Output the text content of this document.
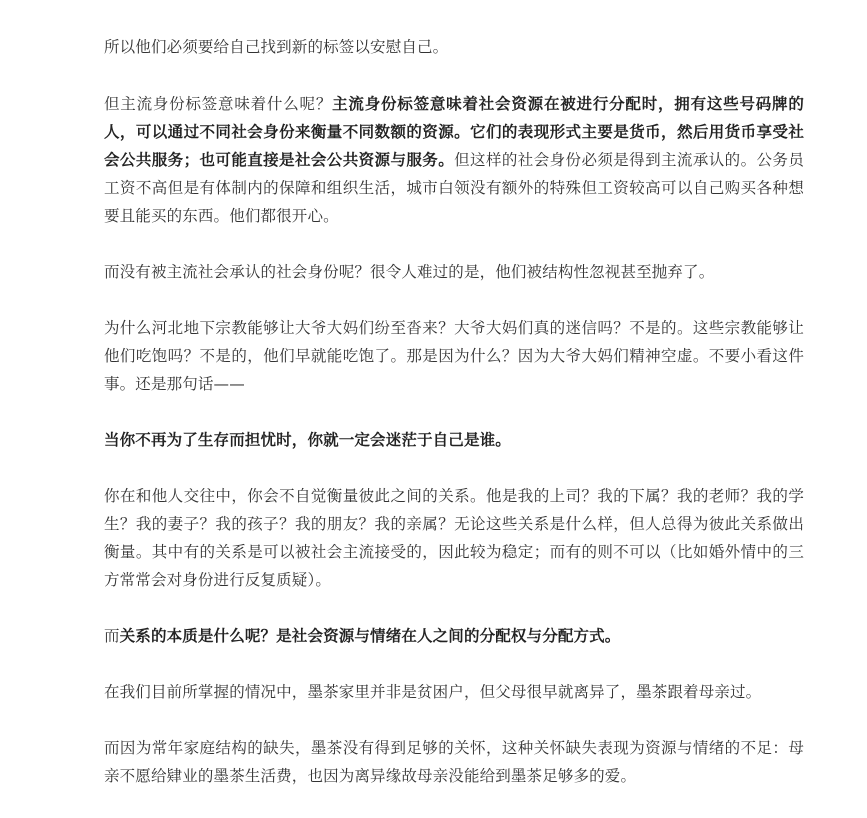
所以他们必须要给自己找到新的标签以安慰自己。

但主流身份标签意味着什么呢？主流身份标签意味着社会资源在被进行分配时，拥有这些号码牌的人，可以通过不同社会身份来衡量不同数额的资源。它们的表现形式主要是货币，然后用货币享受社会公共服务；也可能直接是社会公共资源与服务。但这样的社会身份必须是得到主流承认的。公务员工资不高但是有体制内的保障和组织生活，城市白领没有额外的特殊但工资较高可以自己购买各种想要且能买的东西。他们都很开心。

而没有被主流社会承认的社会身份呢？很令人难过的是，他们被结构性忽视甚至抛弃了。

为什么河北地下宗教能够让大爷大妈们纷至沓来？大爷大妈们真的迷信吗？不是的。这些宗教能够让他们吃饱吗？不是的，他们早就能吃饱了。那是因为什么？因为大爷大妈们精神空虚。不要小看这件事。还是那句话——

当你不再为了生存而担忧时，你就一定会迷茫于自己是谁。

你在和他人交往中，你会不自觉衡量彼此之间的关系。他是我的上司？我的下属？我的老师？我的学生？我的妻子？我的孩子？我的朋友？我的亲属？无论这些关系是什么样，但人总得为彼此关系做出衡量。其中有的关系是可以被社会主流接受的，因此较为稳定；而有的则不可以（比如婚外情中的三方常常会对身份进行反复质疑）。

而关系的本质是什么呢？是社会资源与情绪在人之间的分配权与分配方式。

在我们目前所掌握的情况中，墨茶家里并非是贫困户，但父母很早就离异了，墨茶跟着母亲过。

而因为常年家庭结构的缺失，墨茶没有得到足够的关怀，这种关怀缺失表现为资源与情绪的不足：母亲不愿给肄业的墨茶生活费，也因为离异缘故母亲没能给到墨茶足够多的爱。
